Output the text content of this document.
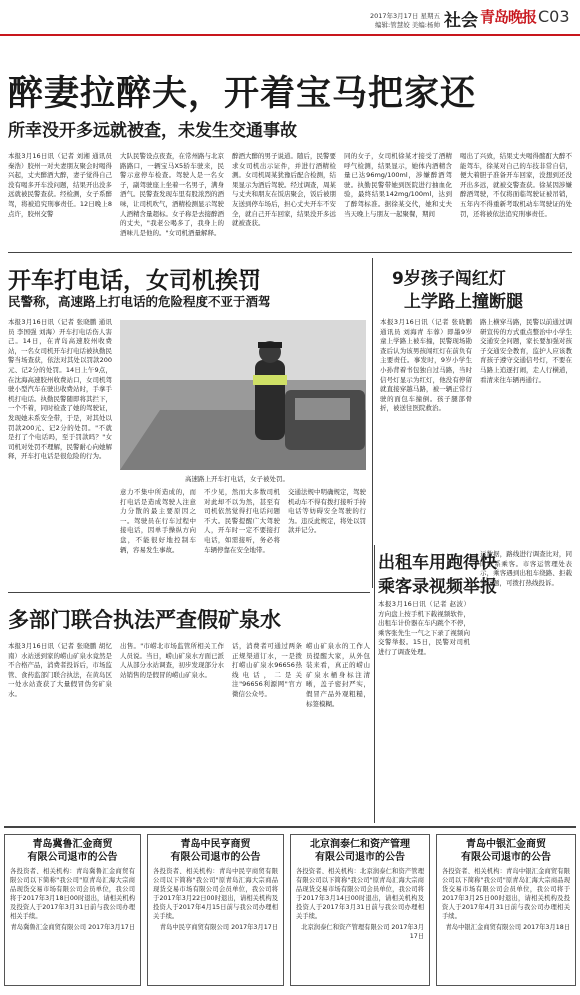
2017年3月17日 星期五
编辑:管慧姣 美编:杨帅 社会 青岛晚报 C03
醉妻拉醉夫，开着宝马把家还
所幸没开多远就被查，未发生交通事故
本报3月16日讯（记者 刘湘 通讯员 秦浩）胶州一对夫妻朋友聚会时喝得兴起，丈夫醉酒大醉，妻子觉得自己没有喝多开车没问题，结果开出没多远就被民警查获。经检测，女子系醉驾，将被追究刑事责任。12日晚上8点许，胶州交警
大队民警设点夜查，在常州路与北京路路口，一辆宝马X5轿车驶来，民警示意停车检查。驾驶人是一名女子，副驾驶座上坐着一名男子，满身酒气。民警查发现车里有股浓烈的酒味，让司机吹气，酒精检测显示驾驶人酒精含量超标。女子称是去接醉酒的丈夫，"我老公喝多了，我身上的酒味儿是他的。"女司机酒量解释。
醉酒大醉的男子说道。随后，民警要求女司机出示证件，并进行酒精检测。女司机周某犹豫后配合检测，结果显示为酒后驾驶。经过调查，周某与丈夫和朋友在饭店聚会，饭后被朋友送到停车场后，担心丈夫开车不安全，就自己开车回家，结果没开多远就被查获。
同的女子，女司机徐某才接受了酒精呼气检测，结果显示，她体内酒精含量已达96mg/100ml，涉嫌醉酒驾驶。执勤民警带她到医院进行抽血化验，最终结果142mg/100ml，达到了醉驾标准。据徐某交代，她和丈夫当天晚上与朋友一起聚餐，期间
喝出了兴致，结果丈夫喝得酩酊大醉不能驾车，徐某对自己的车技非常自信，便大着胆子准备开车回家，没想到还没开出多远，就被交警查获。徐某因涉嫌醉酒驾驶，不仅将面临驾驶证被吊销，五年内不得重新考取机动车驾驶证的处罚，还将被依法追究刑事责任。
开车打电话，女司机挨罚
民警称，高速路上打电话的危险程度不亚于酒驾
本报3月16日讯（记者 张晓鹏 通讯员 李国强 刘海）开车打电话伤人害己。14日，在青岛高速胶州收费站，一名女司机开车打电话被执勤民警当场查获，依法对其处以罚款200元、记2分的处罚。14日上午9点，在沈海高速胶州收费站口，女司机驾驶小型汽车在驶出收费站时，手拿手机打电话。执勤民警随即将其拦下，一个不着，同时检查了她的驾驶证，发现她未系安全带，于是，对其处以罚款200元、记2分的处罚。"不就是打了个电话吗，至于罚款吗？"女司机对处罚不理解，民警耐心向她解释，开车打电话是很危险的行为。
高速路上开车打电话，女子被处罚。
意力不集中所造成的，而打电话是造成驾驶人注意力分散的最主要原因之一。驾驶员在行车过程中接电话，因单手操纵方向盘，不能很好地控制车辆，容易发生事故。
不少见，然而大多数司机对此却不以为然，甚至有司机依然觉得打电话问题不大。民警提醒广大驾驶人，开车时一定不要接打电话，如需接听，务必将车辆停靠在安全地带。
交通法规中明确规定，驾驶机动车不得有拨打接听手持电话等妨碍安全驾驶的行为。违反此规定，将处以罚款并记分。
9岁孩子闯红灯
上学路上撞断腿
本报3月16日讯（记者 张晓鹏 通讯员 刘海青 车蓉）即墨9岁童上学路上被车撞，民警现场勘查后认为该男孩闯红灯在前负有主要责任。事发时，9岁小学生小孙背着书包独自过马路，当时信号灯显示为红灯，他没有停留就直接穿越马路，被一辆正常行驶的面包车撞倒。孩子腿部骨折，被送往医院救治。
路上横穿马路，民警以前通过调研宣传的方式重点整治中小学生交通安全问题，家长要加强对孩子交通安全教育，监护人应该教育孩子遵守交通信号灯，不要在马路上追逐打闹，走人行横道，看清来往车辆再通行。
出租车用跑得快
乘客录视频举报
本报3月16日讯（记者 赵波）方向盘上按手机下载视频软件，出租车计价器在车内跳个不停，乘客张先生一气之下录了视频向交警举报。15日，民警对司机进行了调查处理。
运数据，路线进行调查比对，同时联系乘客。市客运管理处表示，乘客遇到出租车绕路、拒载等问题，可拨打热线投诉。
多部门联合执法严查假矿泉水
本报3月16日讯（记者 张晓鹏 胡忆南）水站送到家的崂山矿泉水竟然是不合格产品，消费者投诉后，市场监管、食药监部门联合执法，在黄岛区一处水站查获了大量假冒伪劣矿泉水。
出售。"市崂北市场监管所相关工作人员说。当日，崂山矿泉水方面已派人从部分水站调查，初步发现部分水站销售的是假冒的崂山矿泉水。
话，消费者可通过两条正规渠道订水，一是拨打崂山矿泉水96656热线电话，二是关注"96656利源网"官方微信公众号。
崂山矿泉水的工作人员提醒大家，从外包装来看，真正的崂山矿泉水桶身标注清晰，盖子密封严实，假冒产品外观粗糙，标签模糊。
青岛冀鲁汇金商贸
有限公司退市的公告
各投资者、相关机构：青岛冀鲁汇金商贸有限公司以下简称"我公司"原青岛汇海大宗商品现货交易市场有限公司会员单位，我公司将于2017年3月18日00时退出，请相关机构及投资人于2017年3月31日前与我公司办理相关手续。
青岛冀鲁汇金商贸有限公司 2017年3月17日
青岛中民亨商贸
有限公司退市的公告
各投资者、相关机构：青岛中民亨商贸有限公司以下简称"我公司"原青岛汇海大宗商品现货交易市场有限公司会员单位，我公司将于2017年3月22日00时退出，请相关机构及投资人于2017年4月15日前与我公司办理相关手续。
青岛中民亨商贸有限公司 2017年3月17日
北京润泰仁和资产管理
有限公司退市的公告
各投资者、相关机构：北京润泰仁和资产管理有限公司以下简称"我公司"原青岛汇海大宗商品现货交易市场有限公司会员单位，我公司将于2017年3月14日00时退出，请相关机构及投资人于2017年3月31日前与我公司办理相关手续。
北京润泰仁和资产管理有限公司 2017年3月17日
青岛中银汇金商贸
有限公司退市的公告
各投资者、相关机构：青岛中银汇金商贸有限公司以下简称"我公司"原青岛汇海大宗商品现货交易市场有限公司会员单位，我公司将于2017年3月25日00时退出，请相关机构及投资人于2017年4月31日前与我公司办理相关手续。
青岛中银汇金商贸有限公司 2017年3月18日
